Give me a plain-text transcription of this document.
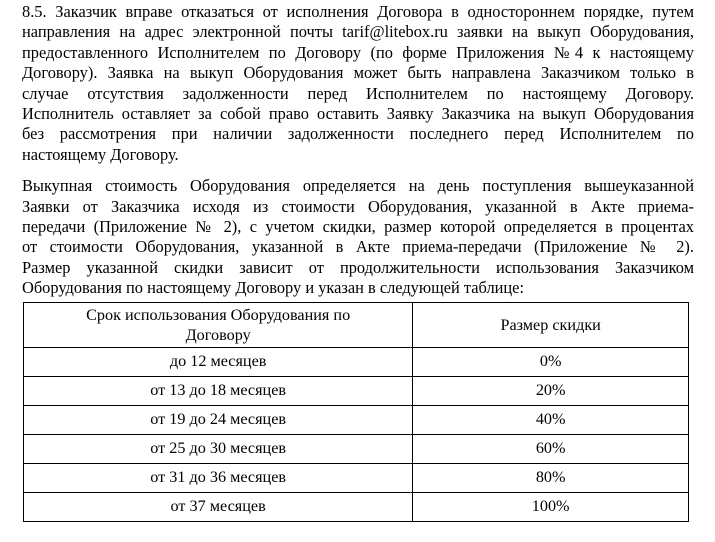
8.5. Заказчик вправе отказаться от исполнения Договора в одностороннем порядке, путем
направления на адрес электронной почты tarif@litebox.ru заявки на выкуп Оборудования,
предоставленного Исполнителем по Договору (по форме Приложения №4 к настоящему
Договору). Заявка на выкуп Оборудования может быть направлена Заказчиком только в
случае отсутствия задолженности перед Исполнителем по настоящему Договору.
Исполнитель оставляет за собой право оставить Заявку Заказчика на выкуп Оборудования
без рассмотрения при наличии задолженности последнего перед Исполнителем по
настоящему Договору.

Выкупная стоимость Оборудования определяется на день поступления вышеуказанной
Заявки от Заказчика исходя из стоимости Оборудования, указанной в Акте приема-
передачи (Приложение № 2), с учетом скидки, размер которой определяется в процентах
от стоимости Оборудования, указанной в Акте приема-передачи (Приложение № 2).
Размер указанной скидки зависит от продолжительности использования Заказчиком
Оборудования по настоящему Договору и указан в следующей таблице:

Срок использования Оборудования по
Договору	Размер скидки
до 12 месяцев	0%
от 13 до 18 месяцев	20%
от 19 до 24 месяцев	40%
от 25 до 30 месяцев	60%
от 31 до 36 месяцев	80%
от 37 месяцев	100%
